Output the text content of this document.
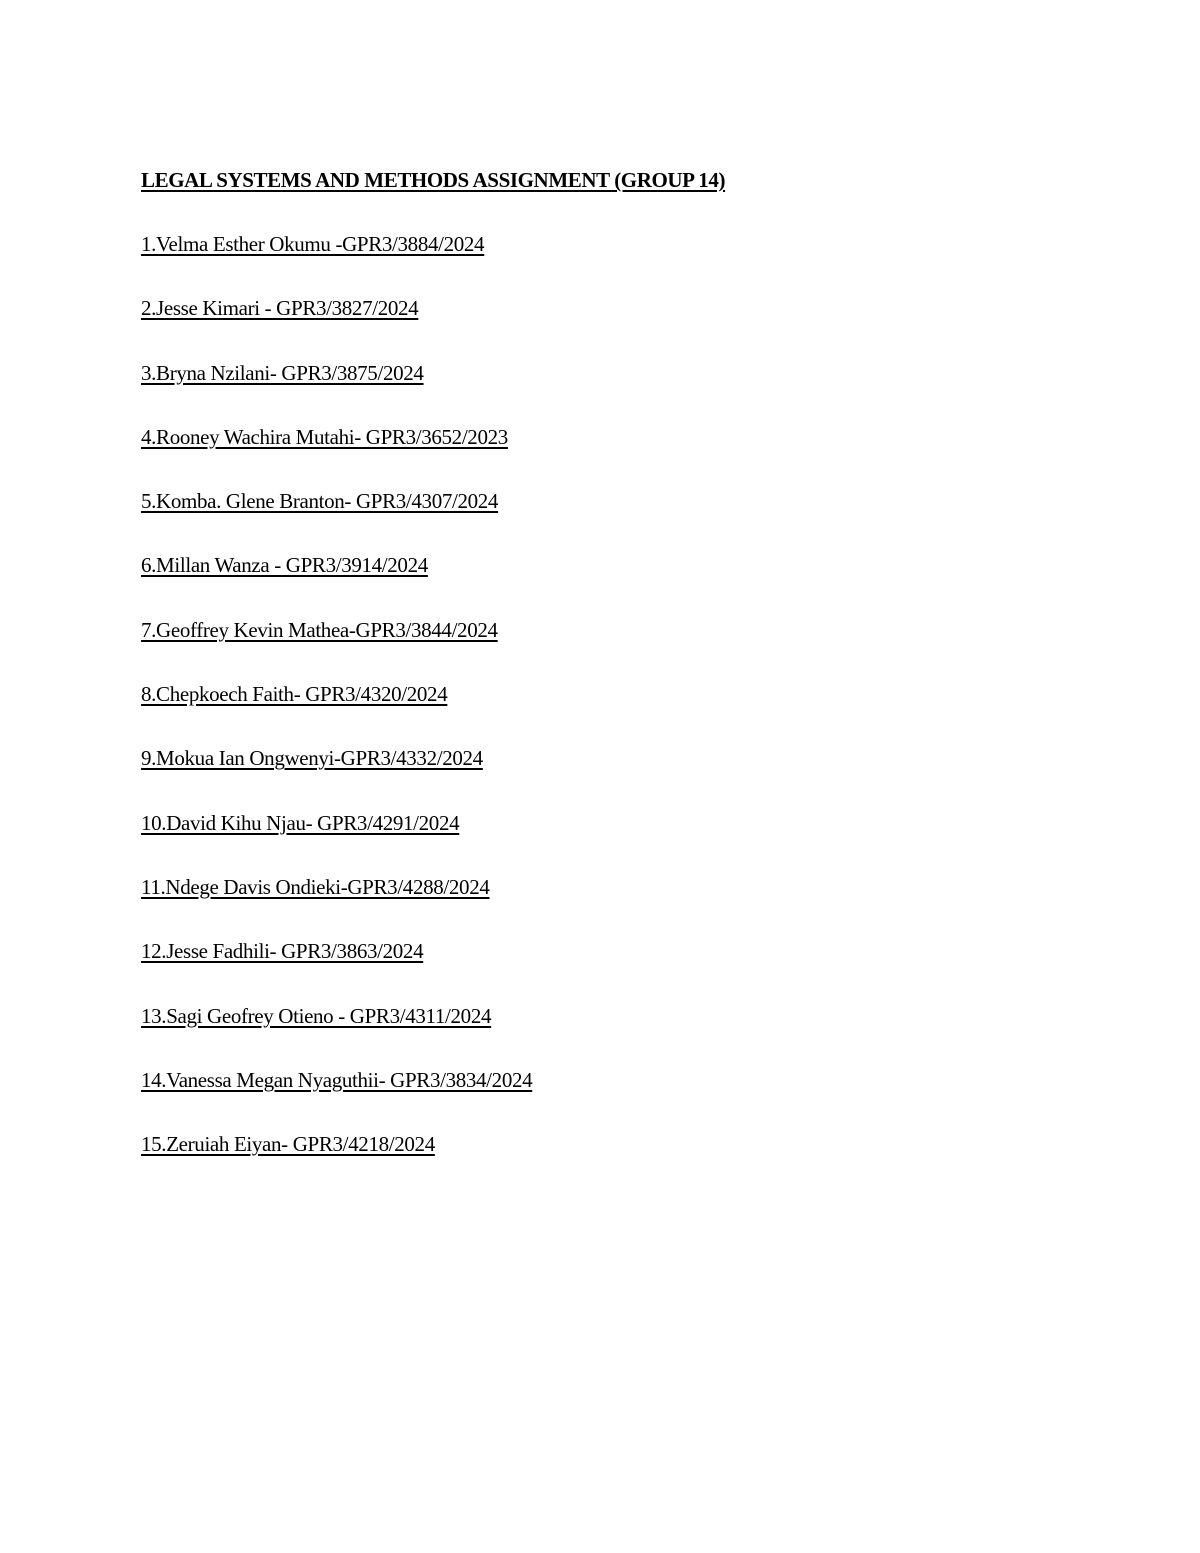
LEGAL SYSTEMS AND METHODS ASSIGNMENT (GROUP 14)
1.Velma Esther Okumu -GPR3/3884/2024
2.Jesse Kimari - GPR3/3827/2024
3.Bryna Nzilani- GPR3/3875/2024
4.Rooney Wachira Mutahi- GPR3/3652/2023
5.Komba. Glene Branton- GPR3/4307/2024
6.Millan Wanza - GPR3/3914/2024
7.Geoffrey Kevin Mathea-GPR3/3844/2024
8.Chepkoech Faith- GPR3/4320/2024
9.Mokua Ian Ongwenyi-GPR3/4332/2024
10.David Kihu Njau- GPR3/4291/2024
11.Ndege Davis Ondieki-GPR3/4288/2024
12.Jesse Fadhili- GPR3/3863/2024
13.Sagi Geofrey Otieno - GPR3/4311/2024
14.Vanessa Megan Nyaguthii- GPR3/3834/2024
15.Zeruiah Eiyan- GPR3/4218/2024
